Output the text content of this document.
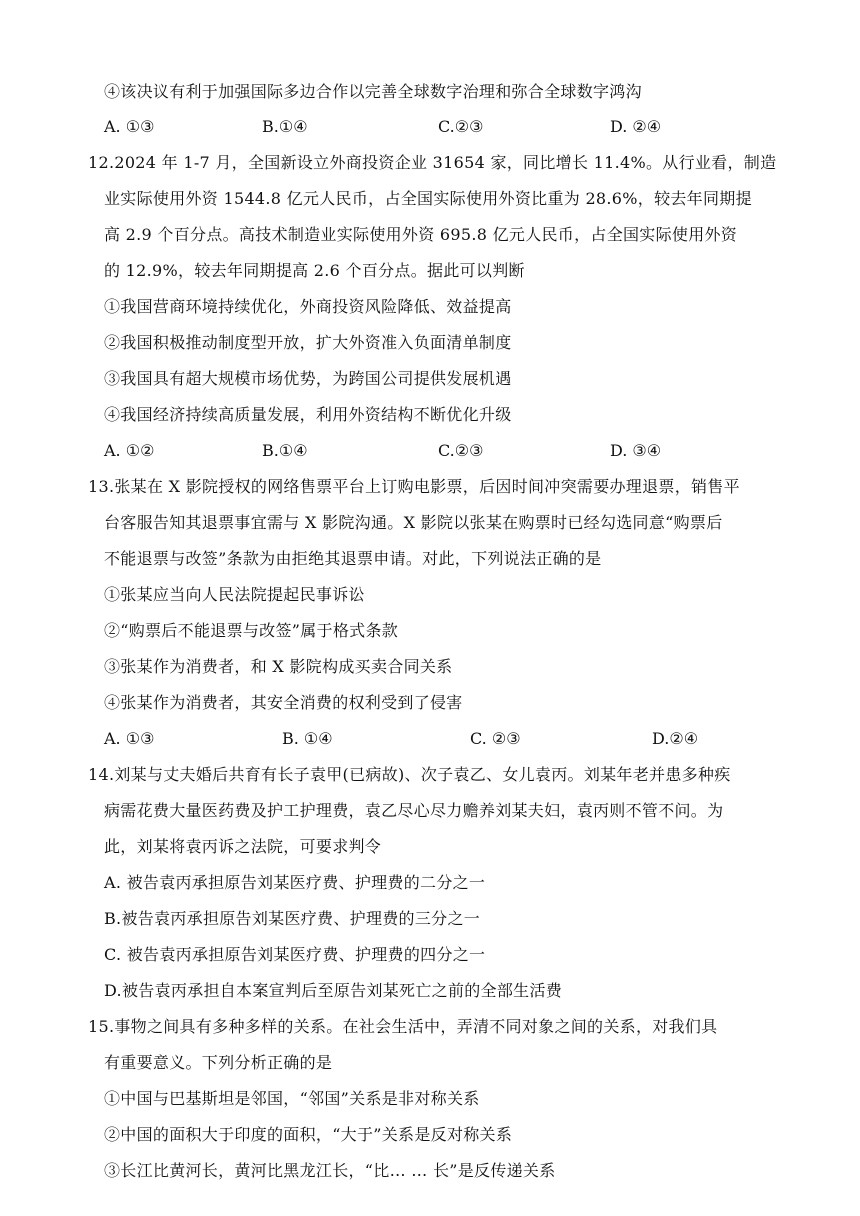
④该决议有利于加强国际多边合作以完善全球数字治理和弥合全球数字鸿沟
A. ①③	B.①④	C.②③	D. ②④
12.2024 年 1-7 月，全国新设立外商投资企业 31654 家，同比增长 11.4%。从行业看，制造
业实际使用外资 1544.8 亿元人民币，占全国实际使用外资比重为 28.6%，较去年同期提
高 2.9 个百分点。高技术制造业实际使用外资 695.8 亿元人民币，占全国实际使用外资
的 12.9%，较去年同期提高 2.6 个百分点。据此可以判断
①我国营商环境持续优化，外商投资风险降低、效益提高
②我国积极推动制度型开放，扩大外资准入负面清单制度
③我国具有超大规模市场优势，为跨国公司提供发展机遇
④我国经济持续高质量发展，利用外资结构不断优化升级
A. ①②	B.①④	C.②③	D. ③④
13.张某在 X 影院授权的网络售票平台上订购电影票，后因时间冲突需要办理退票，销售平
台客服告知其退票事宜需与 X 影院沟通。X 影院以张某在购票时已经勾选同意“购票后
不能退票与改签”条款为由拒绝其退票申请。对此，下列说法正确的是
①张某应当向人民法院提起民事诉讼
②“购票后不能退票与改签”属于格式条款
③张某作为消费者，和 X 影院构成买卖合同关系
④张某作为消费者，其安全消费的权利受到了侵害
A. ①③	B. ①④	C. ②③	D.②④
14.刘某与丈夫婚后共育有长子袁甲(已病故)、次子袁乙、女儿袁丙。刘某年老并患多种疾
病需花费大量医药费及护工护理费，袁乙尽心尽力赡养刘某夫妇，袁丙则不管不问。为
此，刘某将袁丙诉之法院，可要求判令
A. 被告袁丙承担原告刘某医疗费、护理费的二分之一
B.被告袁丙承担原告刘某医疗费、护理费的三分之一
C. 被告袁丙承担原告刘某医疗费、护理费的四分之一
D.被告袁丙承担自本案宣判后至原告刘某死亡之前的全部生活费
15.事物之间具有多种多样的关系。在社会生活中，弄清不同对象之间的关系，对我们具
有重要意义。下列分析正确的是
①中国与巴基斯坦是邻国，“邻国”关系是非对称关系
②中国的面积大于印度的面积，“大于”关系是反对称关系
③长江比黄河长，黄河比黑龙江长，“比… … 长”是反传递关系
